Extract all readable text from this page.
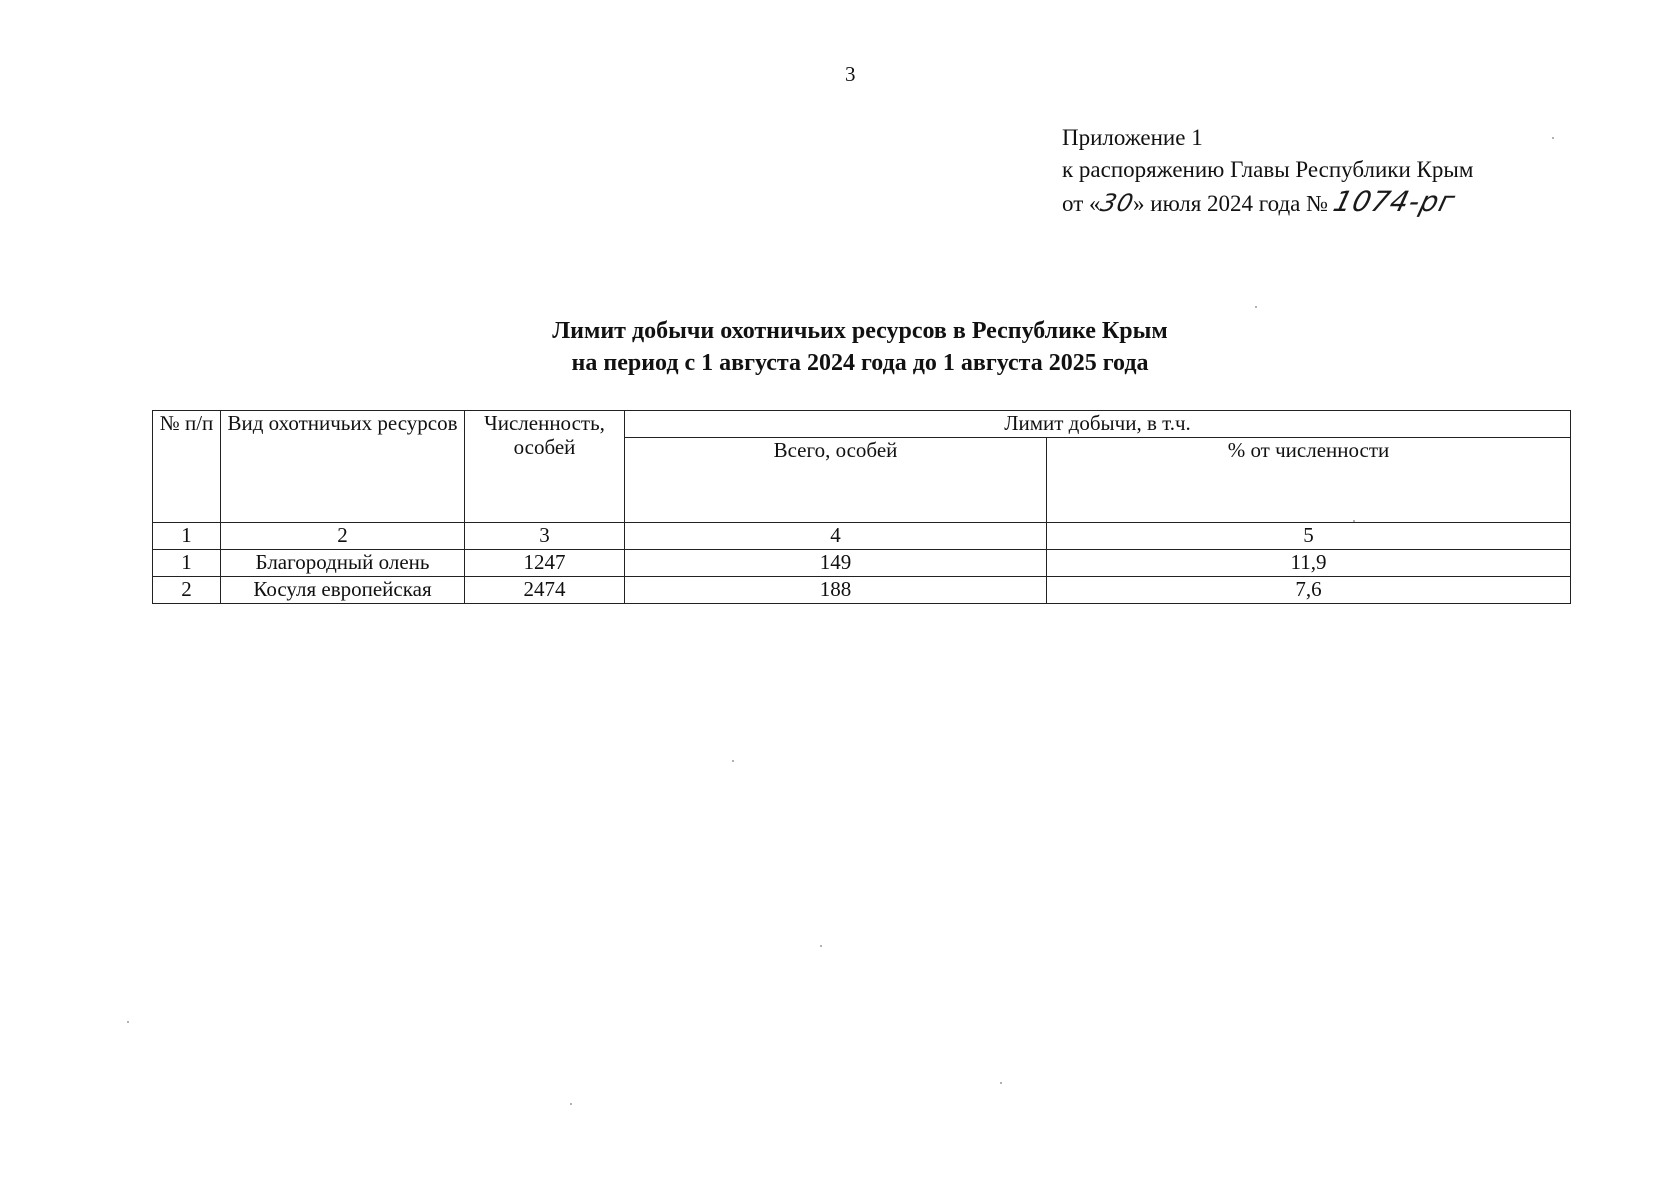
3
Приложение 1
к распоряжению Главы Республики Крым
от «30» июля 2024 года № 1074-рг
Лимит добычи охотничьих ресурсов в Республике Крым
на период с 1 августа 2024 года до 1 августа 2025 года
№ п/п	Вид охотничьих ресурсов	Численность, особей	Лимит добычи, в т.ч.	
			Всего, особей	% от численности
1	2	3	4	5
1	Благородный олень	1247	149	11,9
2	Косуля европейская	2474	188	7,6
